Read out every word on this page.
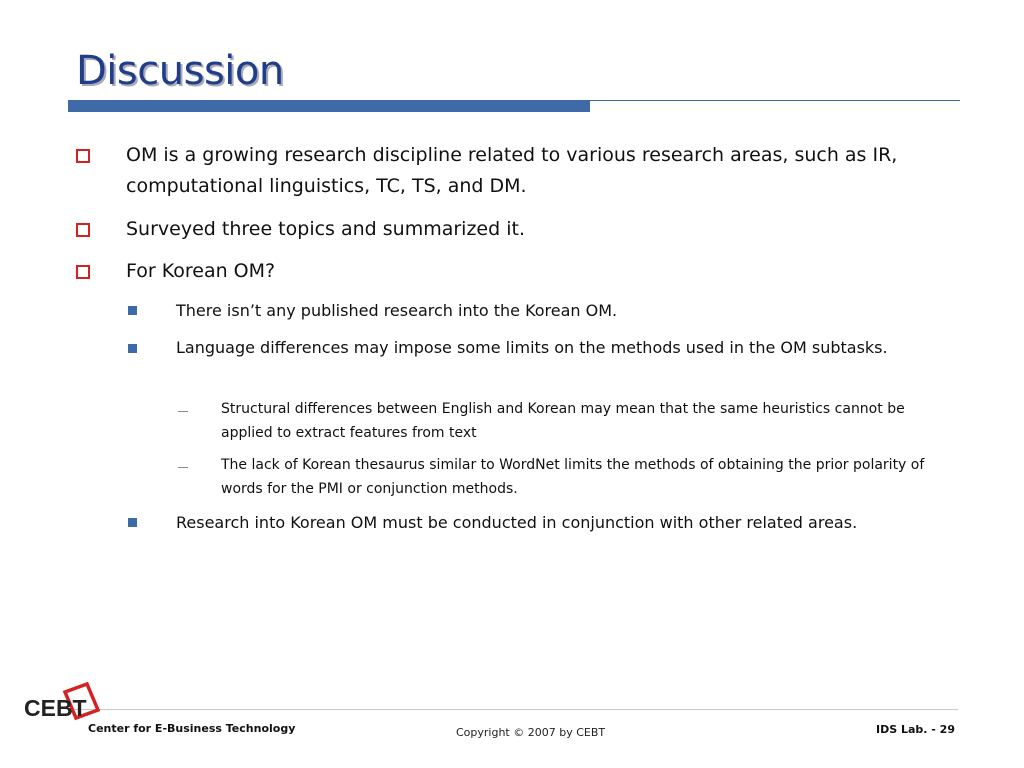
Discussion

OM is a growing research discipline related to various research areas, such as IR, computational linguistics, TC, TS, and DM.

Surveyed three topics and summarized it.

For Korean OM?

There isn’t any published research into the Korean OM.

Language differences may impose some limits on the methods used in the OM subtasks.

Structural differences between English and Korean may mean that the same heuristics cannot be applied to extract features from text

The lack of Korean thesaurus similar to WordNet limits the methods of obtaining the prior polarity of words for the PMI or conjunction methods.

Research into Korean OM must be conducted in conjunction with other related areas.

CEBT
Center for E-Business Technology	Copyright © 2007 by CEBT	IDS Lab. - 29
